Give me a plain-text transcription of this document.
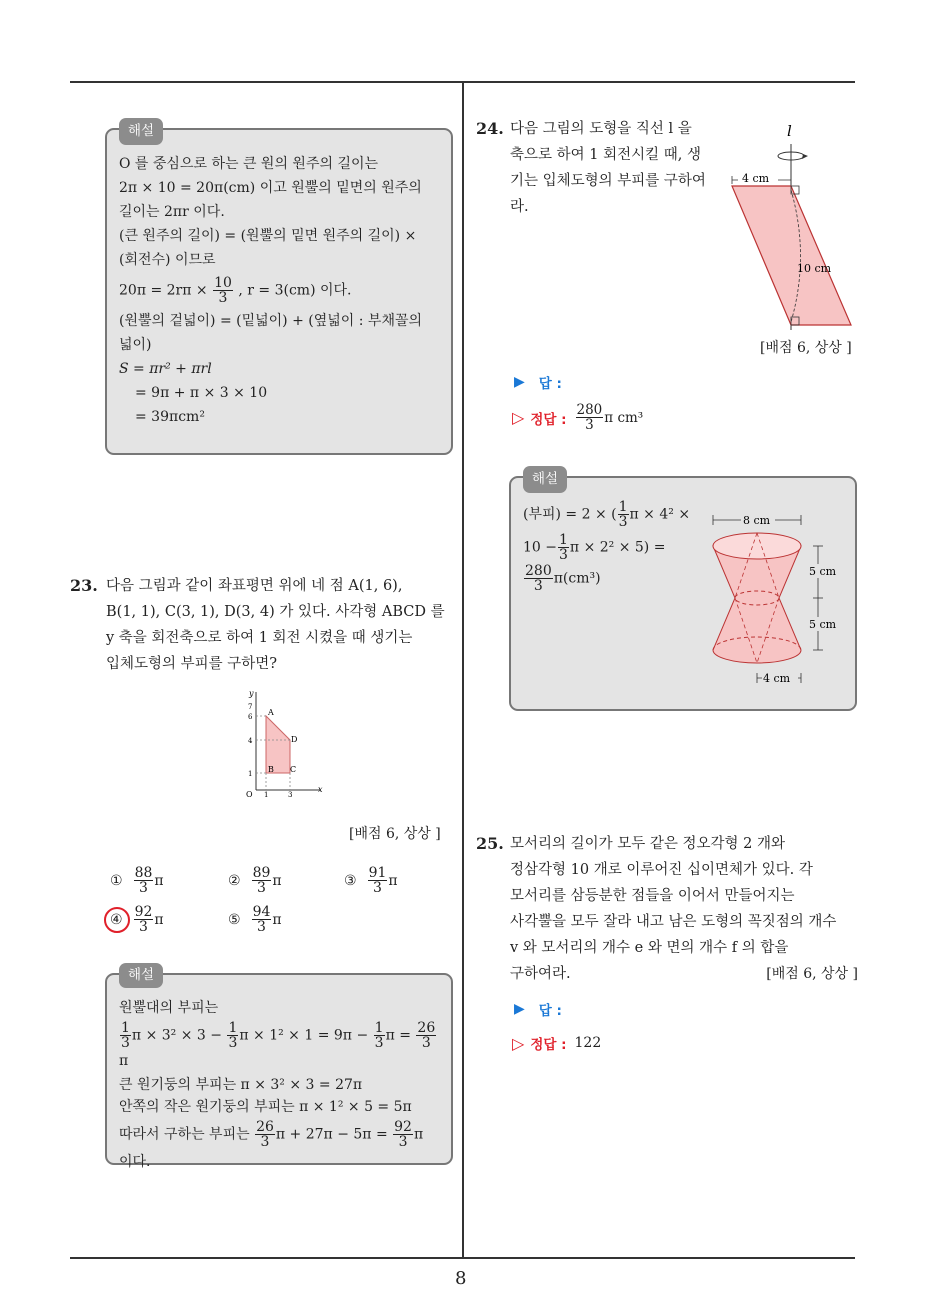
8
해설
O 를 중심으로 하는 큰 원의 원주의 길이는
2π × 10 = 20π(cm) 이고 원뿔의 밑면의 원주의
길이는 2πr 이다.
(큰 원주의 길이) = (원뿔의 밑면 원주의 길이) ×
(회전수) 이므로
$20\pi = 2r\pi \times \frac{10}{3}$ , r = 3(cm) 이다.
(원뿔의 겉넓이) = (밑넓이) + (옆넓이 : 부채꼴의
넓이)
S = πr² + πrl
= 9π + π × 3 × 10
= 39πcm²
23. 다음 그림과 같이 좌표평면 위에 네 점 A(1, 6),
B(1, 1), C(3, 1), D(3, 4) 가 있다. 사각형 ABCD 를
y 축을 회전축으로 하여 1 회전 시켰을 때 생기는
입체도형의 부피를 구하면?
y
x
O
7
6
4
1
1	3
A
B C
D
[배점 6, 상상 ]
① $\frac{88}{3}$ π	② $\frac{89}{3}$ π	③ $\frac{91}{3}$ π
④ $\frac{92}{3}$ π	⑤ $\frac{94}{3}$ π
해설
원뿔대의 부피는
$\frac{1}{3}$ $\pi \times 3^2 \times 3 - \frac{1}{3}$ $\pi \times 1^2 \times 1 = 9\pi - \frac{1}{3}$ $\pi = \frac{26}{3}$
π
큰 원기둥의 부피는 π × 3² × 3 = 27π
안쪽의 작은 원기둥의 부피는 π × 1² × 5 = 5π
따라서 구하는 부피는 $\frac{26}{3}$ $\pi + 27\pi - 5\pi = \frac{92}{3}$ π
이다.
24. 다음 그림의 도형을 직선 l 을
축으로 하여 1 회전시킬 때, 생
기는 입체도형의 부피를 구하여
라.
l
4 cm
10 cm
[배점 6, 상상 ]
▶ 답 :
▷ 정답 : $\frac{280}{3}$ π cm³
해설
(부피) = 2 × ( $\frac{1}{3}$ π × 4² ×
$10 - \frac{1}{3}$ π × 2² × 5) =
$\frac{280}{3} \pi(cm^3)$
8 cm
5 cm
5 cm
4 cm
25. 모서리의 길이가 모두 같은 정오각형 2 개와
정삼각형 10 개로 이루어진 십이면체가 있다. 각
모서리를 삼등분한 점들을 이어서 만들어지는
사각뿔을 모두 잘라 내고 남은 도형의 꼭짓점의 개수
v 와 모서리의 개수 e 와 면의 개수 f 의 합을
구하여라.	[배점 6, 상상 ]
▶ 답 :
▷ 정답 : 122
